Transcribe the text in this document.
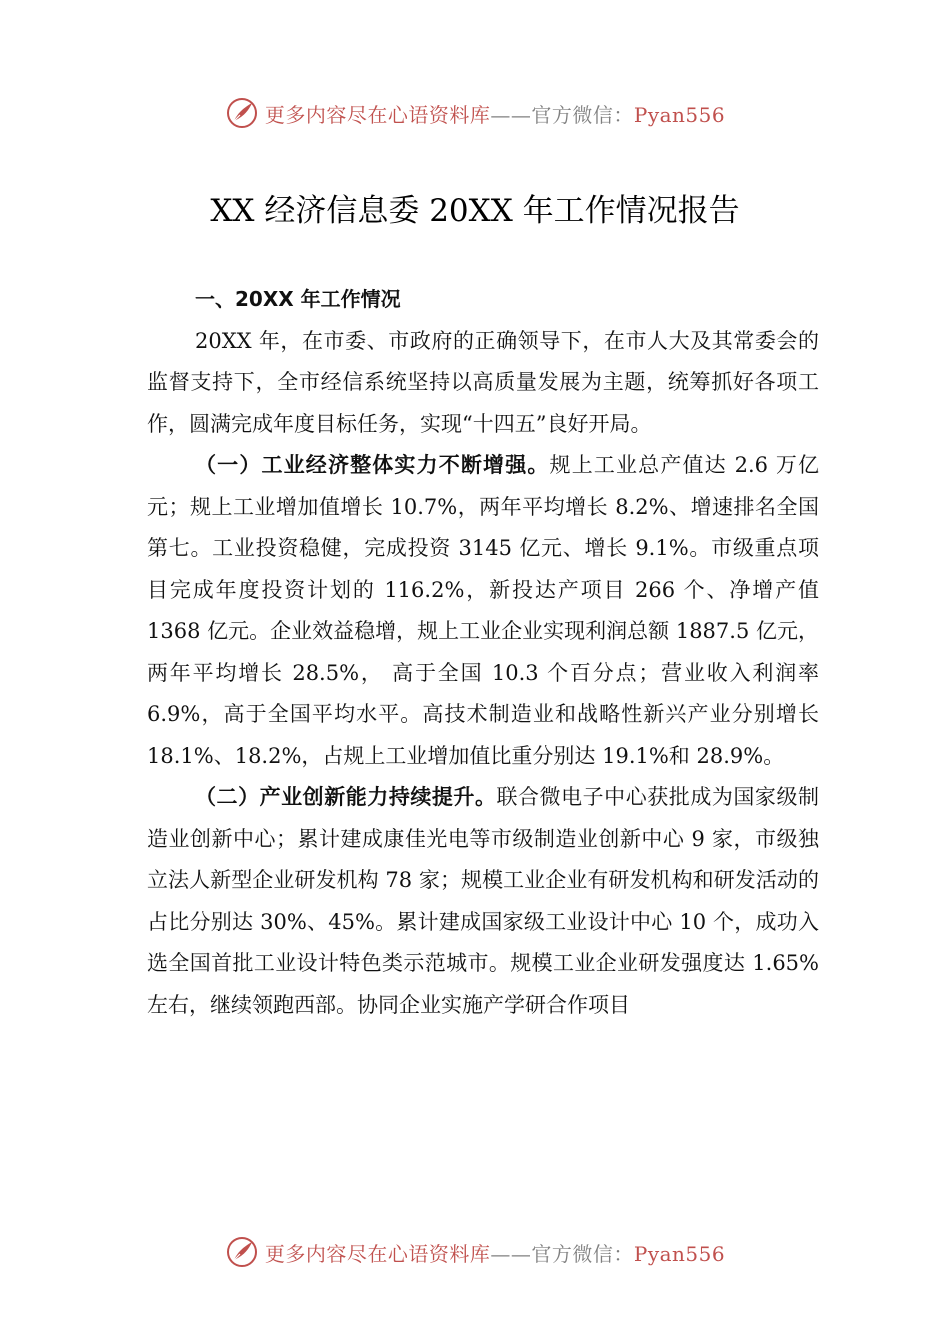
更多内容尽在心语资料库——官方微信：Pyan556
XX 经济信息委 20XX 年工作情况报告

一、20XX 年工作情况

20XX 年，在市委、市政府的正确领导下，在市人大及其常委会的监督支持下，全市经信系统坚持以高质量发展为主题，统筹抓好各项工作，圆满完成年度目标任务，实现“十四五”良好开局。

（一）工业经济整体实力不断增强。规上工业总产值达 2.6 万亿元；规上工业增加值增长 10.7%，两年平均增长 8.2%、增速排名全国第七。工业投资稳健，完成投资 3145 亿元、增长 9.1%。市级重点项目完成年度投资计划的 116.2%，新投达产项目 266 个、净增产值 1368 亿元。企业效益稳增，规上工业企业实现利润总额 1887.5 亿元，两年平均增长 28.5%， 高于全国 10.3 个百分点；营业收入利润率 6.9%，高于全国平均水平。高技术制造业和战略性新兴产业分别增长 18.1%、18.2%，占规上工业增加值比重分别达 19.1%和 28.9%。

（二）产业创新能力持续提升。联合微电子中心获批成为国家级制造业创新中心；累计建成康佳光电等市级制造业创新中心 9 家，市级独立法人新型企业研发机构 78 家；规模工业企业有研发机构和研发活动的占比分别达 30%、45%。累计建成国家级工业设计中心 10 个，成功入选全国首批工业设计特色类示范城市。规模工业企业研发强度达 1.65%左右，继续领跑西部。协同企业实施产学研合作项目

更多内容尽在心语资料库——官方微信：Pyan556
